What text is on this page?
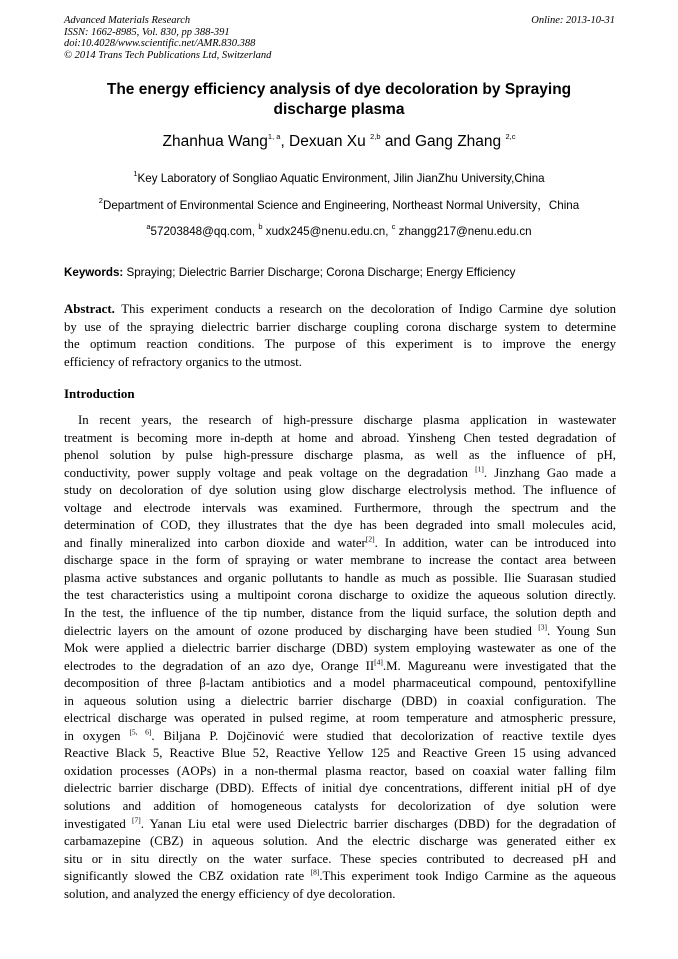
Advanced Materials Research
ISSN: 1662-8985, Vol. 830, pp 388-391
doi:10.4028/www.scientific.net/AMR.830.388
© 2014 Trans Tech Publications Ltd, Switzerland
Online: 2013-10-31
The energy efficiency analysis of dye decoloration by Spraying
discharge plasma
Zhanhua Wang$^{1, a}$, Dexuan Xu $^{2,b}$ and Gang Zhang $^{2,c}$
$^1$Key Laboratory of Songliao Aquatic Environment, Jilin JianZhu University,China
$^2$Department of Environmental Science and Engineering, Northeast Normal University，China
$^a$57203848@qq.com, $^b$ xudx245@nenu.edu.cn, $^c$ zhangg217@nenu.edu.cn
Keywords: Spraying; Dielectric Barrier Discharge; Corona Discharge; Energy Efficiency
Abstract. This experiment conducts a research on the decoloration of Indigo Carmine dye solution
by use of the spraying dielectric barrier discharge coupling corona discharge system to determine
the optimum reaction conditions. The purpose of this experiment is to improve the energy
efficiency of refractory organics to the utmost.
Introduction
In recent years, the research of high-pressure discharge plasma application in wastewater
treatment is becoming more in-depth at home and abroad. Yinsheng Chen tested degradation of
phenol solution by pulse high-pressure discharge plasma, as well as the influence of pH,
conductivity, power supply voltage and peak voltage on the degradation [1]. Jinzhang Gao made a
study on decoloration of dye solution using glow discharge electrolysis method. The influence of
voltage and electrode intervals was examined. Furthermore, through the spectrum and the
determination of COD, they illustrates that the dye has been degraded into small molecules acid,
and finally mineralized into carbon dioxide and water[2]. In addition, water can be introduced into
discharge space in the form of spraying or water membrane to increase the contact area between
plasma active substances and organic pollutants to handle as much as possible. Ilie Suarasan studied
the test characteristics using a multipoint corona discharge to oxidize the aqueous solution directly.
In the test, the influence of the tip number, distance from the liquid surface, the solution depth and
dielectric layers on the amount of ozone produced by discharging have been studied [3]. Young Sun
Mok were applied a dielectric barrier discharge (DBD) system employing wastewater as one of the
electrodes to the degradation of an azo dye, Orange II[4].M. Magureanu were investigated that the
decomposition of three β-lactam antibiotics and a model pharmaceutical compound, pentoxifylline
in aqueous solution using a dielectric barrier discharge (DBD) in coaxial configuration. The
electrical discharge was operated in pulsed regime, at room temperature and atmospheric pressure,
in oxygen [5, 6]. Biljana P. Dojčinović were studied that decolorization of reactive textile dyes
Reactive Black 5, Reactive Blue 52, Reactive Yellow 125 and Reactive Green 15 using advanced
oxidation processes (AOPs) in a non-thermal plasma reactor, based on coaxial water falling film
dielectric barrier discharge (DBD). Effects of initial dye concentrations, different initial pH of dye
solutions and addition of homogeneous catalysts for decolorization of dye solution were
investigated [7]. Yanan Liu etal were used Dielectric barrier discharges (DBD) for the degradation of
carbamazepine (CBZ) in aqueous solution. And the electric discharge was generated either ex
situ or in situ directly on the water surface. These species contributed to decreased pH and
significantly slowed the CBZ oxidation rate [8].This experiment took Indigo Carmine as the aqueous
solution, and analyzed the energy efficiency of dye decoloration.
